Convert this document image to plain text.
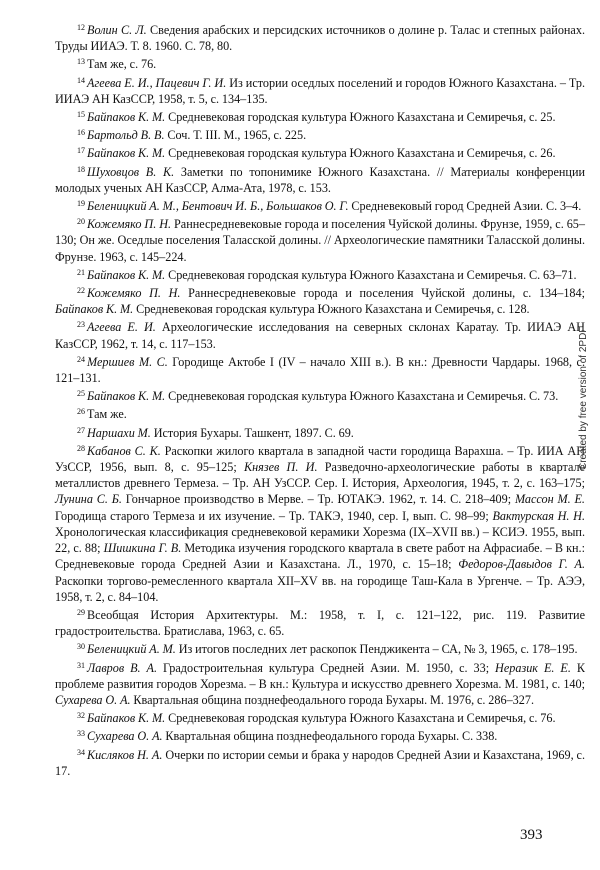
$^{12}$ Волин С. Л. Сведения арабских и персидских источников о долине р. Талас и степных районах. Труды ИИАЭ. Т. 8. 1960. С. 78, 80.

$^{13}$ Там же, с. 76.

$^{14}$ Агеева Е. И., Пацевич Г. И. Из истории оседлых поселений и городов Южного Казахстана. – Тр. ИИАЭ АН КазССР, 1958, т. 5, с. 134–135.

$^{15}$ Байпаков К. М. Средневековая городская культура Южного Казахстана и Семиречья, с. 25.

$^{16}$ Бартольд В. В. Соч. Т. III. М., 1965, с. 225.

$^{17}$ Байпаков К. М. Средневековая городская культура Южного Казахстана и Семиречья, с. 26.

$^{18}$ Шуховцов В. К. Заметки по топонимике Южного Казахстана. // Материалы конференции молодых ученых АН КазССР, Алма-Ата, 1978, с. 153.

$^{19}$ Беленицкий А. М., Бентович И. Б., Большаков О. Г. Средневековый город Средней Азии. С. 3–4.

$^{20}$ Кожемяко П. Н. Раннесредневековые города и поселения Чуйской долины. Фрунзе, 1959, с. 65–130; Он же. Оседлые поселения Таласской долины. // Археологические памятники Таласской долины. Фрунзе. 1963, с. 145–224.

$^{21}$ Байпаков К. М. Средневековая городская культура Южного Казахстана и Семиречья. С. 63–71.

$^{22}$ Кожемяко П. Н. Раннесредневековые города и поселения Чуйской долины, с. 134–184; Байпаков К. М. Средневековая городская культура Южного Казахстана и Семиречья, с. 128.

$^{23}$ Агеева Е. И. Археологические исследования на северных склонах Каратау. Тр. ИИАЭ АН КазССР, 1962, т. 14, с. 117–153.

$^{24}$ Мершиев М. С. Городище Актобе I (IV – начало XIII в.). В кн.: Древности Чардары. 1968, с. 121–131.

$^{25}$ Байпаков К. М. Средневековая городская культура Южного Казахстана и Семиречья. С. 73.

$^{26}$ Там же.

$^{27}$ Наршахи М. История Бухары. Ташкент, 1897. С. 69.

$^{28}$ Кабанов С. К. Раскопки жилого квартала в западной части городища Варахша. – Тр. ИИА АН УзССР, 1956, вып. 8, с. 95–125; Князев П. И. Разведочно-археологические работы в квартале металлистов древнего Термеза. – Тр. АН УзССР. Сер. I. История, Археология, 1945, т. 2, с. 163–175; Лунина С. Б. Гончарное производство в Мерве. – Тр. ЮТАКЭ. 1962, т. 14. С. 218–409; Массон М. Е. Городища старого Термеза и их изучение. – Тр. ТАКЭ, 1940, сер. I, вып. С. 98–99; Вактурская Н. Н. Хронологическая классификация средневековой керамики Хорезма (IX–XVII вв.) – КСИЭ. 1955, вып. 22, с. 88; Шишкина Г. В. Методика изучения городского квартала в свете работ на Афрасиабе. – В кн.: Средневековые города Средней Азии и Казахстана. Л., 1970, с. 15–18; Федоров-Давыдов Г. А. Раскопки торгово-ремесленного квартала XII–XV вв. на городище Таш-Кала в Ургенче. – Тр. АЭЭ, 1958, т. 2, с. 84–104.

$^{29}$ Всеобщая История Архитектуры. М.: 1958, т. I, с. 121–122, рис. 119. Развитие градостроительства. Братислава, 1963, с. 65.

$^{30}$ Беленицкий А. М. Из итогов последних лет раскопок Пенджикента – СА, № 3, 1965, с. 178–195.

$^{31}$ Лавров В. А. Градостроительная культура Средней Азии. М. 1950, с. 33; Неразик Е. Е. К проблеме развития городов Хорезма. – В кн.: Культура и искусство древнего Хорезма. М. 1981, с. 140; Сухарева О. А. Квартальная община позднефеодального города Бухары. М. 1976, с. 286–327.

$^{32}$ Байпаков К. М. Средневековая городская культура Южного Казахстана и Семиречья, с. 76.

$^{33}$ Сухарева О. А. Квартальная община позднефеодального города Бухары. С. 338.

$^{34}$ Кисляков Н. А. Очерки по истории семьи и брака у народов Средней Азии и Казахстана, 1969, с. 17.

393
Created by free version of 2PDF
